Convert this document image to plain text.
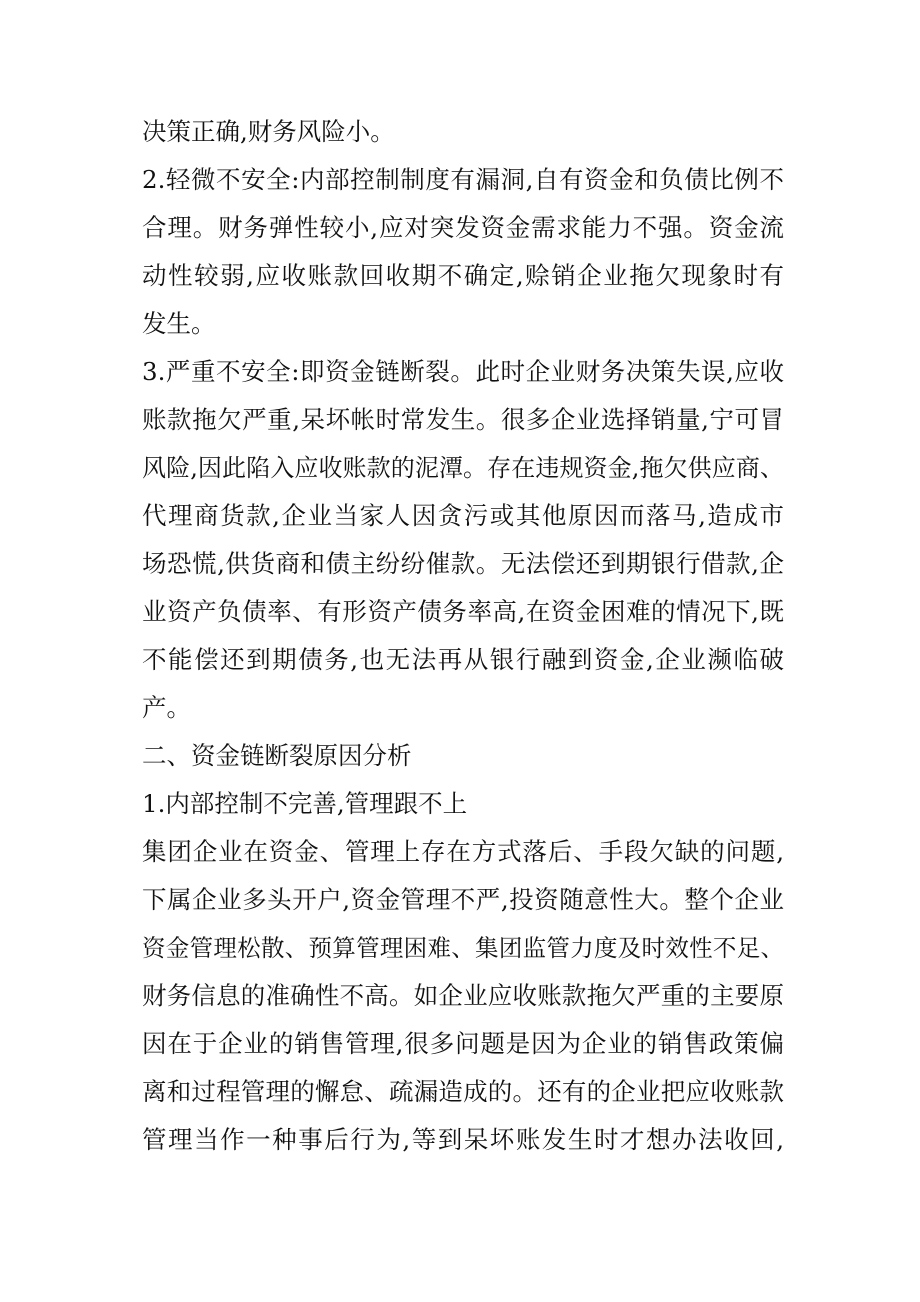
决策正确,财务风险小。
2.轻微不安全:内部控制制度有漏洞,自有资金和负债比例不
合理。财务弹性较小,应对突发资金需求能力不强。资金流
动性较弱,应收账款回收期不确定,赊销企业拖欠现象时有
发生。
3.严重不安全:即资金链断裂。此时企业财务决策失误,应收
账款拖欠严重,呆坏帐时常发生。很多企业选择销量,宁可冒
风险,因此陷入应收账款的泥潭。存在违规资金,拖欠供应商、
代理商货款,企业当家人因贪污或其他原因而落马,造成市
场恐慌,供货商和债主纷纷催款。无法偿还到期银行借款,企
业资产负债率、有形资产债务率高,在资金困难的情况下,既
不能偿还到期债务,也无法再从银行融到资金,企业濒临破
产。
二、资金链断裂原因分析
1.内部控制不完善,管理跟不上
集团企业在资金、管理上存在方式落后、手段欠缺的问题,
下属企业多头开户,资金管理不严,投资随意性大。整个企业
资金管理松散、预算管理困难、集团监管力度及时效性不足、
财务信息的准确性不高。如企业应收账款拖欠严重的主要原
因在于企业的销售管理,很多问题是因为企业的销售政策偏
离和过程管理的懈怠、疏漏造成的。还有的企业把应收账款
管理当作一种事后行为,等到呆坏账发生时才想办法收回,
